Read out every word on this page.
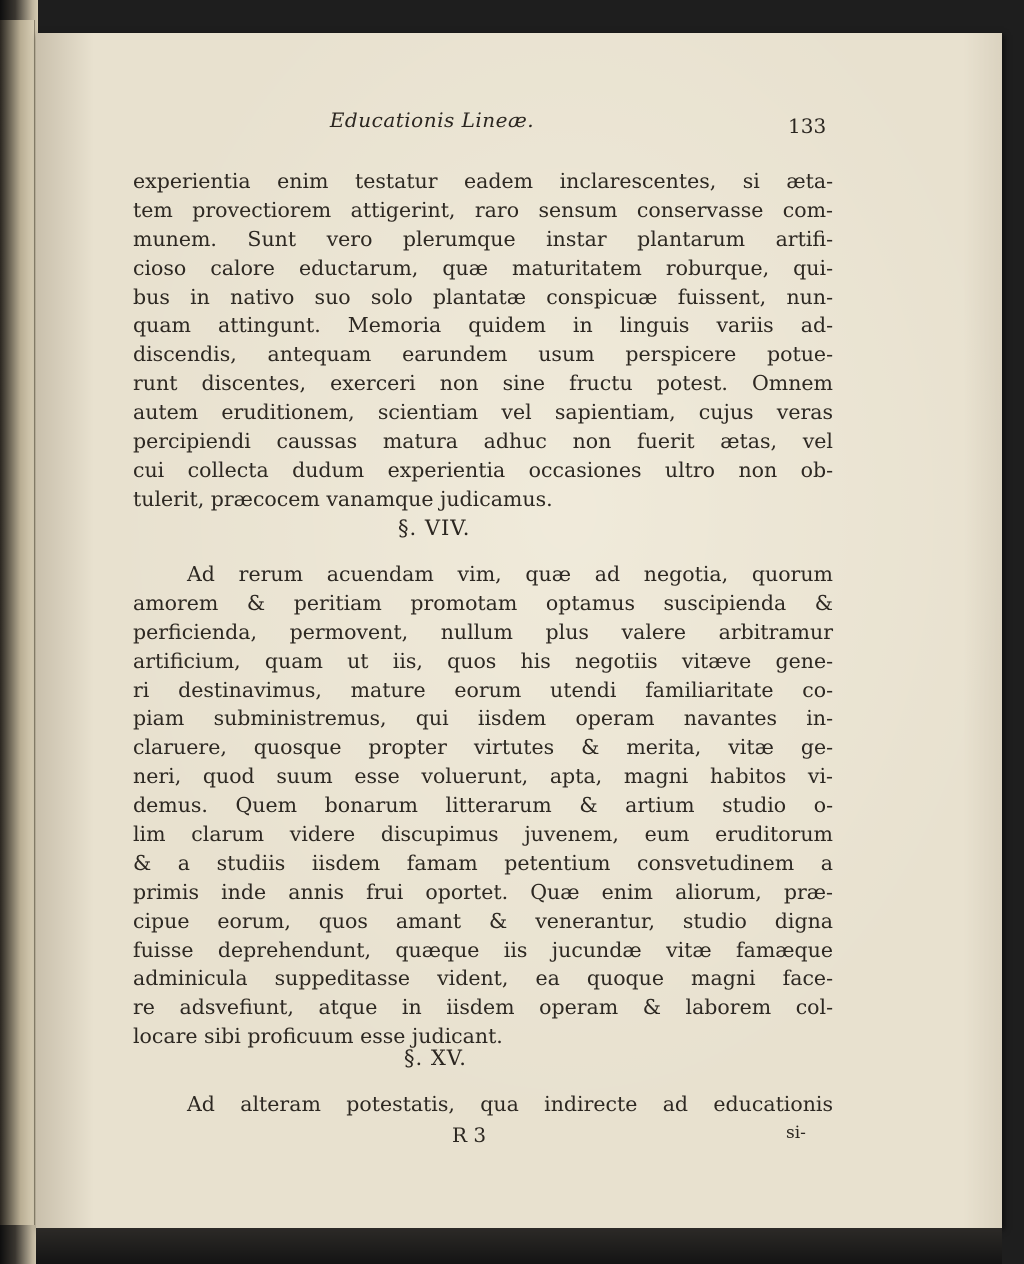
Educationis Lineæ.	133
experientia enim testatur eadem inclarescentes, si æta-
tem provectiorem attigerint, raro sensum conservasse com-
munem. Sunt vero plerumque instar plantarum artifi-
cioso calore eductarum, quæ maturitatem roburque, qui-
bus in nativo suo solo plantatæ conspicuæ fuissent, nun-
quam attingunt. Memoria quidem in linguis variis ad-
discendis, antequam earundem usum perspicere potue-
runt discentes, exerceri non sine fructu potest. Omnem
autem eruditionem, scientiam vel sapientiam, cujus veras
percipiendi caussas matura adhuc non fuerit ætas, vel
cui collecta dudum experientia occasiones ultro non ob-
tulerit, præcocem vanamque judicamus.
§. VIV.
Ad rerum acuendam vim, quæ ad negotia, quorum
amorem & peritiam promotam optamus suscipienda &
perficienda, permovent, nullum plus valere arbitramur
artificium, quam ut iis, quos his negotiis vitæve gene-
ri destinavimus, mature eorum utendi familiaritate co-
piam subministremus, qui iisdem operam navantes in-
claruere, quosque propter virtutes & merita, vitæ ge-
neri, quod suum esse voluerunt, apta, magni habitos vi-
demus. Quem bonarum litterarum & artium studio o-
lim clarum videre discupimus juvenem, eum eruditorum
& a studiis iisdem famam petentium consvetudinem a
primis inde annis frui oportet. Quæ enim aliorum, præ-
cipue eorum, quos amant & venerantur, studio digna
fuisse deprehendunt, quæque iis jucundæ vitæ famæque
adminicula suppeditasse vident, ea quoque magni face-
re adsvefiunt, atque in iisdem operam & laborem col-
locare sibi proficuum esse judicant.
§. XV.
Ad alteram potestatis, qua indirecte ad educationis
R 3	si-
